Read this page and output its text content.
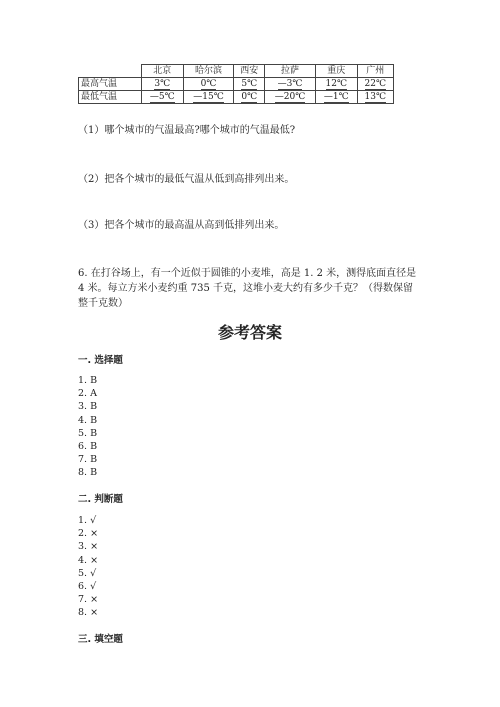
	北京	哈尔滨	西安	拉萨	重庆	广州
最高气温	3℃	0℃	5℃	—3℃	12℃	22℃
最低气温	—5℃	—15℃	0℃	—20℃	—1℃	13℃
（1）哪个城市的气温最高?哪个城市的气温最低?
（2）把各个城市的最低气温从低到高排列出来。
（3）把各个城市的最高温从高到低排列出来。
6. 在打谷场上，有一个近似于圆锥的小麦堆，高是 1. 2 米，测得底面直径是 4 米。每立方米小麦约重 735 千克，这堆小麦大约有多少千克？（得数保留整千克数）
参考答案
一. 选择题
1. B
2. A
3. B
4. B
5. B
6. B
7. B
8. B
二. 判断题
1. √
2. ×
3. ×
4. ×
5. √
6. √
7. ×
8. ×
三. 填空题
